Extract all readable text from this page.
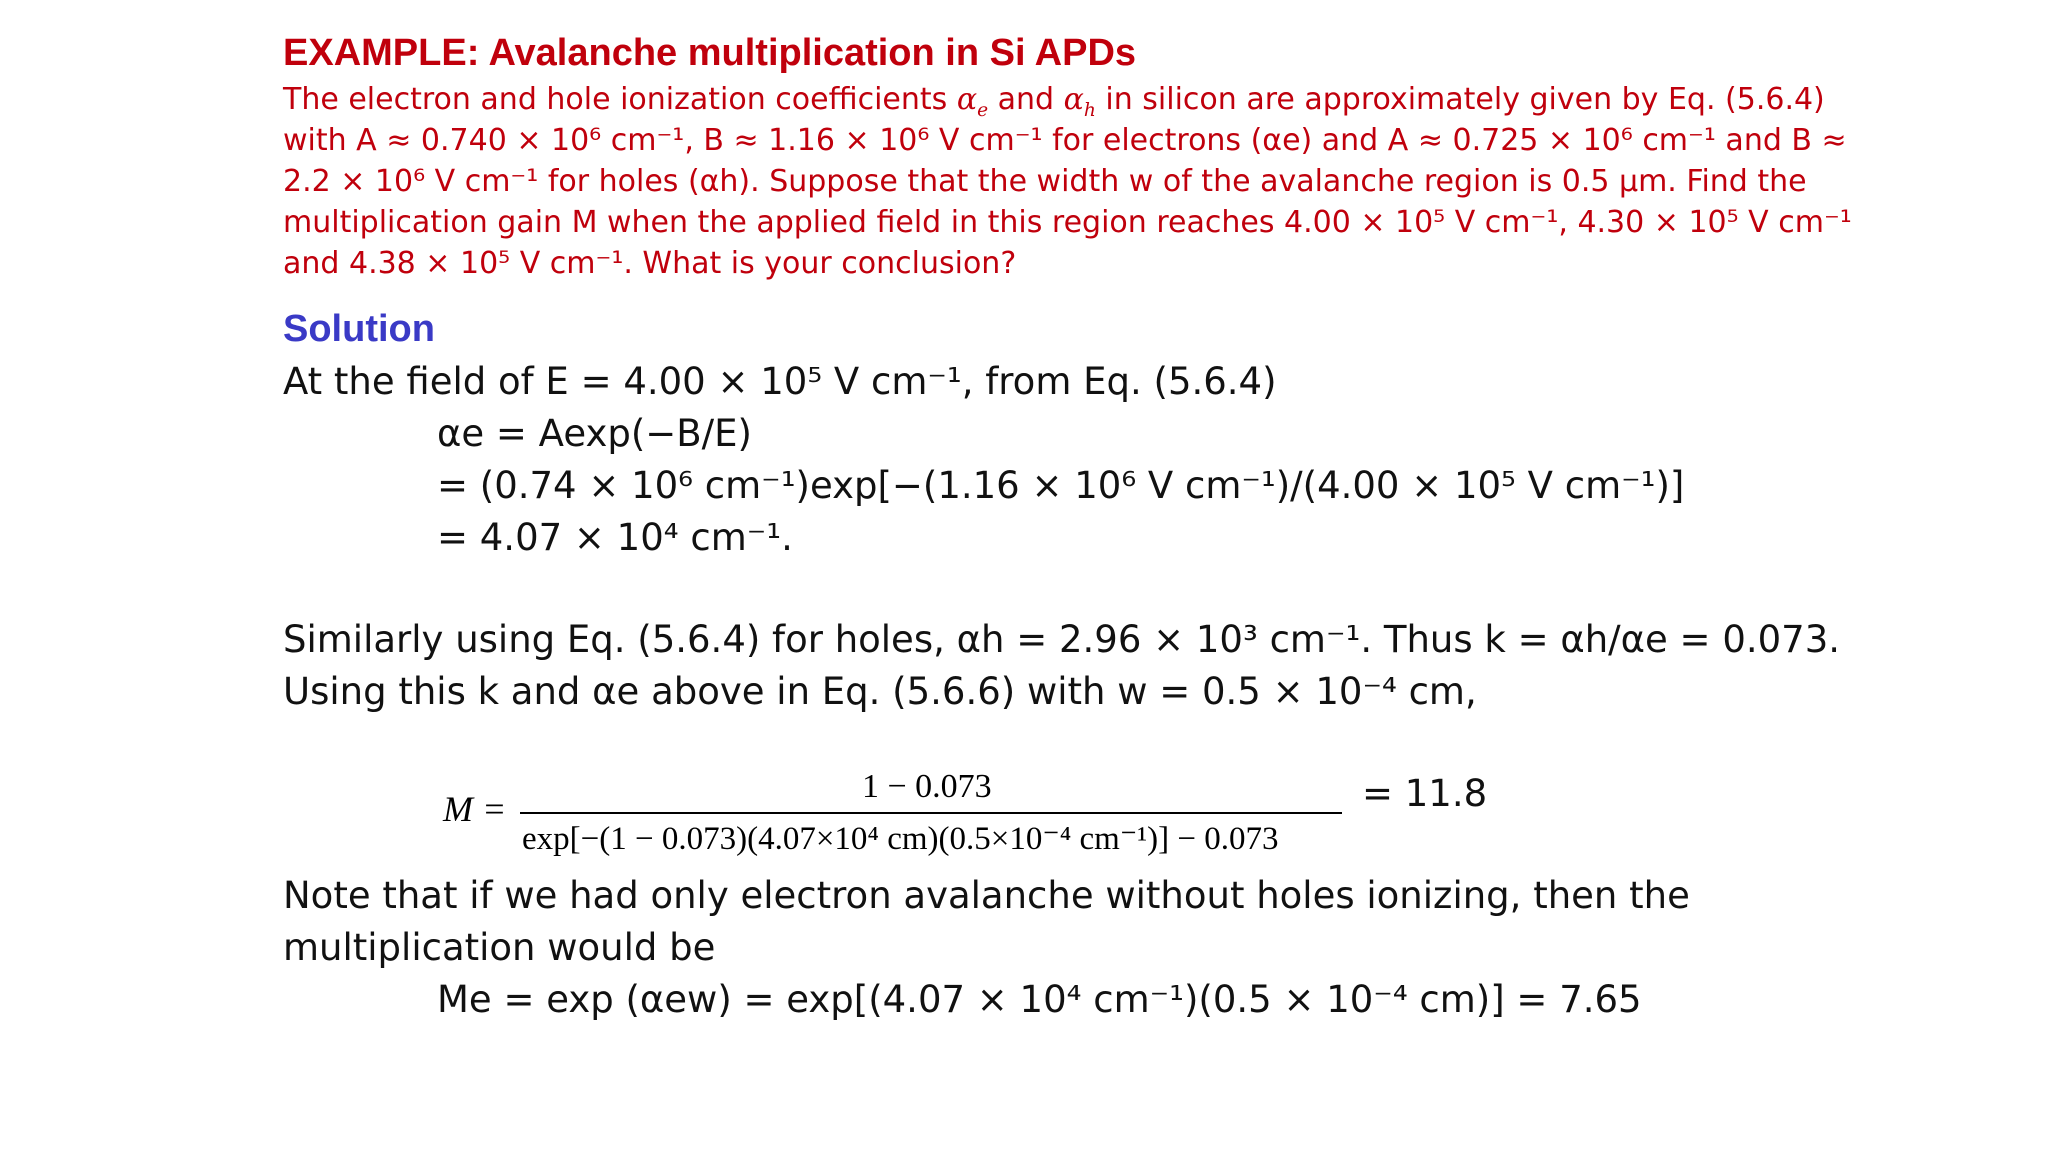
EXAMPLE: Avalanche multiplication in Si APDs
The electron and hole ionization coefficients $\alpha_e$ and $\alpha_h$ in silicon are approximately given by Eq. (5.6.4)
with A ≈ 0.740 × 10⁶ cm⁻¹, B ≈ 1.16 × 10⁶ V cm⁻¹ for electrons (αe) and A ≈ 0.725 × 10⁶ cm⁻¹ and B ≈
2.2 × 10⁶ V cm⁻¹ for holes (αh). Suppose that the width w of the avalanche region is 0.5 μm. Find the
multiplication gain M when the applied field in this region reaches 4.00 × 10⁵ V cm⁻¹, 4.30 × 10⁵ V cm⁻¹
and 4.38 × 10⁵ V cm⁻¹. What is your conclusion?
Solution
At the field of E = 4.00 × 10⁵ V cm⁻¹, from Eq. (5.6.4)
αe = Aexp(−B/E)
= (0.74 × 10⁶ cm⁻¹)exp[−(1.16 × 10⁶ V cm⁻¹)/(4.00 × 10⁵ V cm⁻¹)]
= 4.07 × 10⁴ cm⁻¹.
Similarly using Eq. (5.6.4) for holes, αh = 2.96 × 10³ cm⁻¹. Thus k = αh/αe = 0.073.
Using this k and αe above in Eq. (5.6.6) with w = 0.5 × 10⁻⁴ cm,
M =
1 − 0.073
exp[−(1 − 0.073)(4.07×10⁴ cm)(0.5×10⁻⁴ cm⁻¹)] − 0.073
= 11.8
Note that if we had only electron avalanche without holes ionizing, then the
multiplication would be
Me = exp (αew) = exp[(4.07 × 10⁴ cm⁻¹)(0.5 × 10⁻⁴ cm)] = 7.65
